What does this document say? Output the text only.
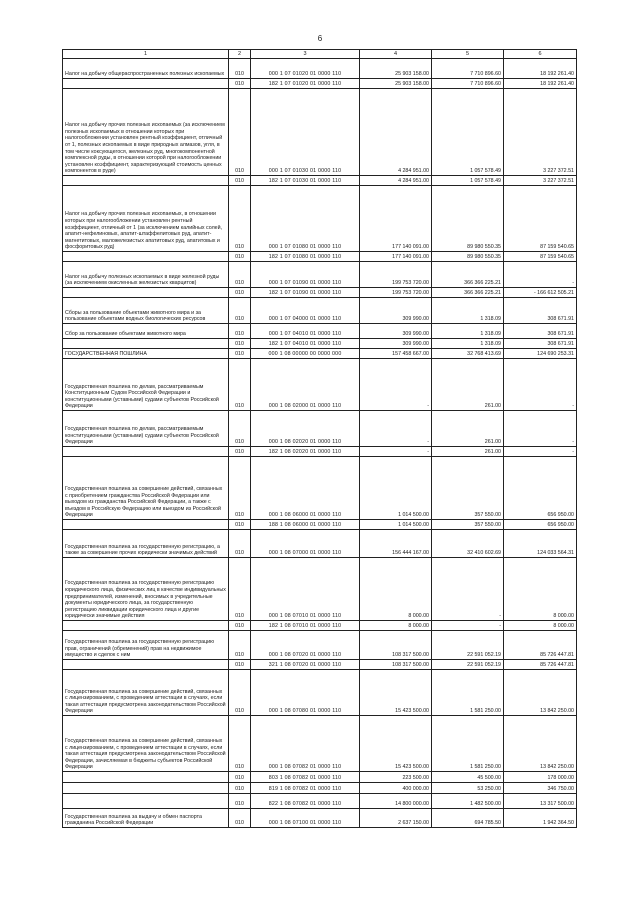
6
1	2	3	4	5	6
Налог на добычу общераспространенных полезных ископаемых	010	000 1 07 01020 01 0000 110	25 903 158.00	7 710 896.60	18 192 261.40
	010	182 1 07 01020 01 0000 110	25 903 158.00	7 710 896.60	18 192 261.40
Налог на добычу прочих полезных ископаемых (за исключением полезных ископаемых в отношении которых при налогообложении установлен рентный коэффициент, отличный от 1, полезных ископаемых в виде природных алмазов, угля, в том числе коксующегося, железных руд, многокомпонентной комплексной руды, в отношении которой при налогообложении установлен коэффициент, характеризующий стоимость ценных компонентов в руде)	010	000 1 07 01030 01 0000 110	4 284 951.00	1 057 578.49	3 227 372.51
	010	182 1 07 01030 01 0000 110	4 284 951.00	1 057 578.49	3 227 372.51
Налог на добычу прочих полезных ископаемых, в отношении которых при налогообложении установлен рентный коэффициент, отличный от 1 (за исключением калийных солей, апатит-нефелиновых, апатит-штаффелитовых руд, апатит-магнетитовых, маложелезистых апатитовых руд, апатитовых и фосфоритовых руд)	010	000 1 07 01080 01 0000 110	177 140 091.00	89 980 550.35	87 159 540.65
	010	182 1 07 01080 01 0000 110	177 140 091.00	89 980 550.35	87 159 540.65
Налог на добычу полезных ископаемых в виде железной руды (за исключением окисленных железистых кварцитов)	010	000 1 07 01090 01 0000 110	199 753 720.00	366 366 225.21	-
	010	182 1 07 01090 01 0000 110	199 753 720.00	366 366 225.21	- 166 612 505.21
Сборы за пользование объектами животного мира и за пользование объектами водных биологических ресурсов	010	000 1 07 04000 01 0000 110	309 990.00	1 318.09	308 671.91
Сбор за пользование объектами животного мира	010	000 1 07 04010 01 0000 110	309 990.00	1 318.09	308 671.91
	010	182 1 07 04010 01 0000 110	309 990.00	1 318.09	308 671.91
ГОСУДАРСТВЕННАЯ ПОШЛИНА	010	000 1 08 00000 00 0000 000	157 458 667.00	32 768 413.69	124 690 253.31
Государственная пошлина по делам, рассматриваемым Конституционным Судом Российской Федерации и конституционными (уставными) судами субъектов Российской Федерации	010	000 1 08 02000 01 0000 110	-	261.00	-
Государственная пошлина по делам, рассматриваемым конституционными (уставными) судами субъектов Российской Федерации	010	000 1 08 02020 01 0000 110	-	261.00	-
	010	182 1 08 02020 01 0000 110	-	261.00	-
Государственная пошлина за совершение действий, связанных с приобретением гражданства Российской Федерации или выходом из гражданства Российской Федерации, а также с въездом в Российскую Федерацию или выездом из Российской Федерации	010	000 1 08 06000 01 0000 110	1 014 500.00	357 550.00	656 950.00
	010	188 1 08 06000 01 0000 110	1 014 500.00	357 550.00	656 950.00
Государственная пошлина за государственную регистрацию, а также за совершение прочих юридически значимых действий	010	000 1 08 07000 01 0000 110	156 444 167.00	32 410 602.69	124 033 564.31
Государственная пошлина за государственную регистрацию юридического лица, физических лиц в качестве индивидуальных предпринимателей, изменений, вносимых в учредительные документы юридического лица, за государственную регистрацию ликвидации юридического лица и другие юридически значимые действия	010	000 1 08 07010 01 0000 110	8 000.00	-	8 000.00
	010	182 1 08 07010 01 0000 110	8 000.00	-	8 000.00
Государственная пошлина за государственную регистрацию прав, ограничений (обременений) прав на недвижимое имущество и сделок с ним	010	000 1 08 07020 01 0000 110	108 317 500.00	22 591 052.19	85 726 447.81
	010	321 1 08 07020 01 0000 110	108 317 500.00	22 591 052.19	85 726 447.81
Государственная пошлина за совершение действий, связанных с лицензированием, с проведением аттестации в случаях, если такая аттестация предусмотрена законодательством Российской Федерации	010	000 1 08 07080 01 0000 110	15 423 500.00	1 581 250.00	13 842 250.00
Государственная пошлина за совершение действий, связанных с лицензированием, с проведением аттестации в случаях, если такая аттестация предусмотрена законодательством Российской Федерации, зачисляемая в бюджеты субъектов Российской Федерации	010	000 1 08 07082 01 0000 110	15 423 500.00	1 581 250.00	13 842 250.00
	010	803 1 08 07082 01 0000 110	223 500.00	45 500.00	178 000.00
	010	819 1 08 07082 01 0000 110	400 000.00	53 250.00	346 750.00
	010	822 1 08 07082 01 0000 110	14 800 000.00	1 482 500.00	13 317 500.00
Государственная пошлина за выдачу и обмен паспорта гражданина Российской Федерации	010	000 1 08 07100 01 0000 110	2 637 150.00	694 785.50	1 942 364.50
